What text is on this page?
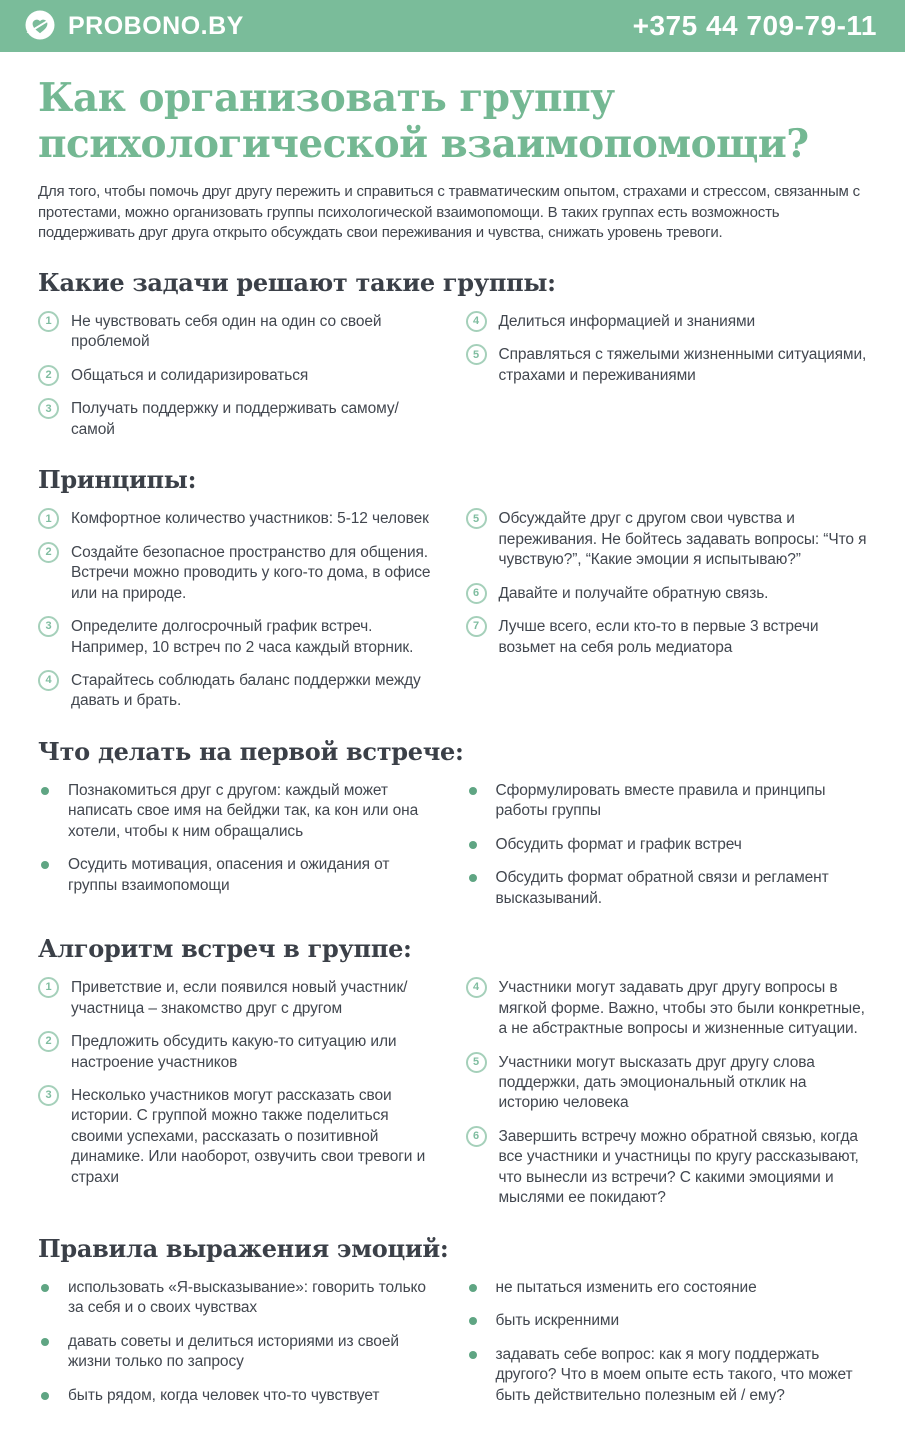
PROBONO.BY	+375 44 709-79-11
Как организовать группу
психологической взаимопомощи?

Для того, чтобы помочь друг другу пережить и справиться с травматическим опытом, страхами и стрессом, связанным с протестами, можно организовать группы психологической взаимопомощи. В таких группах есть возможность поддерживать друг друга открыто обсуждать свои переживания и чувства, снижать уровень тревоги.

Какие задачи решают такие группы:
1	Не чувствовать себя один на один со своей проблемой
2	Общаться и солидаризироваться
3	Получать поддержку и поддерживать самому/самой
4	Делиться информацией и знаниями
5	Справляться с тяжелыми жизненными ситуациями, страхами и переживаниями
Принципы:
1	Комфортное количество участников: 5-12 человек
2	Создайте безопасное пространство для общения. Встречи можно проводить у кого-то дома, в офисе или на природе.
3	Определите долгосрочный график встреч. Например, 10 встреч по 2 часа каждый вторник.
4	Старайтесь соблюдать баланс поддержки между давать и брать.
5	Обсуждайте друг с другом свои чувства и переживания. Не бойтесь задавать вопросы: “Что я чувствую?”, “Какие эмоции я испытываю?”
6	Давайте и получайте обратную связь.
7	Лучше всего, если кто-то в первые 3 встречи возьмет на себя роль медиатора
Что делать на первой встрече:
Познакомиться друг с другом: каждый может написать свое имя на бейджи так, ка кон или она хотели, чтобы к ним обращались
Осудить мотивация, опасения и ожидания от группы взаимопомощи
Сформулировать вместе правила и принципы работы группы
Обсудить формат и график встреч
Обсудить формат обратной связи и регламент высказываний.
Алгоритм встреч в группе:
1	Приветствие и, если появился новый участник/участница – знакомство друг с другом
2	Предложить обсудить какую-то ситуацию или настроение участников
3	Несколько участников могут рассказать свои истории. С группой можно также поделиться своими успехами, рассказать о позитивной динамике. Или наоборот, озвучить свои тревоги и страхи
4	Участники могут задавать друг другу вопросы в мягкой форме. Важно, чтобы это были конкретные, а не абстрактные вопросы и жизненные ситуации.
5	Участники могут высказать друг другу слова поддержки, дать эмоциональный отклик на историю человека
6	Завершить встречу можно обратной связью, когда все участники и участницы по кругу рассказывают, что вынесли из встречи? С какими эмоциями и мыслями ее покидают?
Правила выражения эмоций:
использовать «Я-высказывание»: говорить только за себя и о своих чувствах
давать советы и делиться историями из своей жизни только по запросу
быть рядом, когда человек что-то чувствует
не пытаться изменить его состояние
быть искренними
задавать себе вопрос: как я могу поддержать другого? Что в моем опыте есть такого, что может быть действительно полезным ей / ему?
